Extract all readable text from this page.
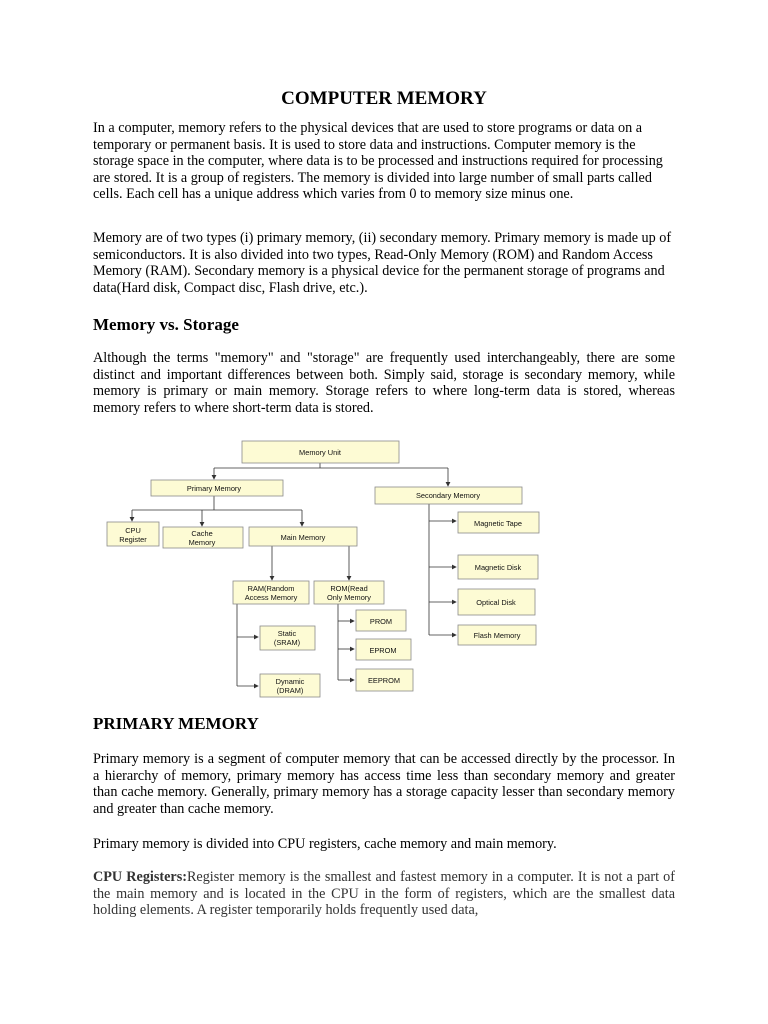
COMPUTER MEMORY

In a computer, memory refers to the physical devices that are used to store programs or data on a temporary or permanent basis. It is used to store data and instructions. Computer memory is the storage space in the computer, where data is to be processed and instructions required for processing are stored. It is a group of registers. The memory is divided into large number of small parts called cells. Each cell has a unique address which varies from 0 to memory size minus one.

Memory are of two types (i) primary memory, (ii) secondary memory. Primary memory is made up of semiconductors. It is also divided into two types, Read-Only Memory (ROM) and Random Access Memory (RAM). Secondary memory is a physical device for the permanent storage of programs and data(Hard disk, Compact disc, Flash drive, etc.).

Memory vs. Storage

Although the terms "memory" and "storage" are frequently used interchangeably, there are some distinct and important differences between both. Simply said, storage is secondary memory, while memory is primary or main memory. Storage refers to where long-term data is stored, whereas memory refers to where short-term data is stored.

Memory Unit
Primary Memory
Secondary Memory
CPU
Register
Cache
Memory
Main Memory
RAM(Random
Access Memory
ROM(Read
Only Memory
Static
(SRAM)
Dynamic
(DRAM)
PROM
EPROM
EEPROM
Magnetic Tape
Magnetic Disk
Optical Disk
Flash Memory
PRIMARY MEMORY

Primary memory is a segment of computer memory that can be accessed directly by the processor. In a hierarchy of memory, primary memory has access time less than secondary memory and greater than cache memory. Generally, primary memory has a storage capacity lesser than secondary memory and greater than cache memory.

Primary memory is divided into CPU registers, cache memory and main memory.

CPU Registers:Register memory is the smallest and fastest memory in a computer. It is not a part of the main memory and is located in the CPU in the form of registers, which are the smallest data holding elements. A register temporarily holds frequently used data,
